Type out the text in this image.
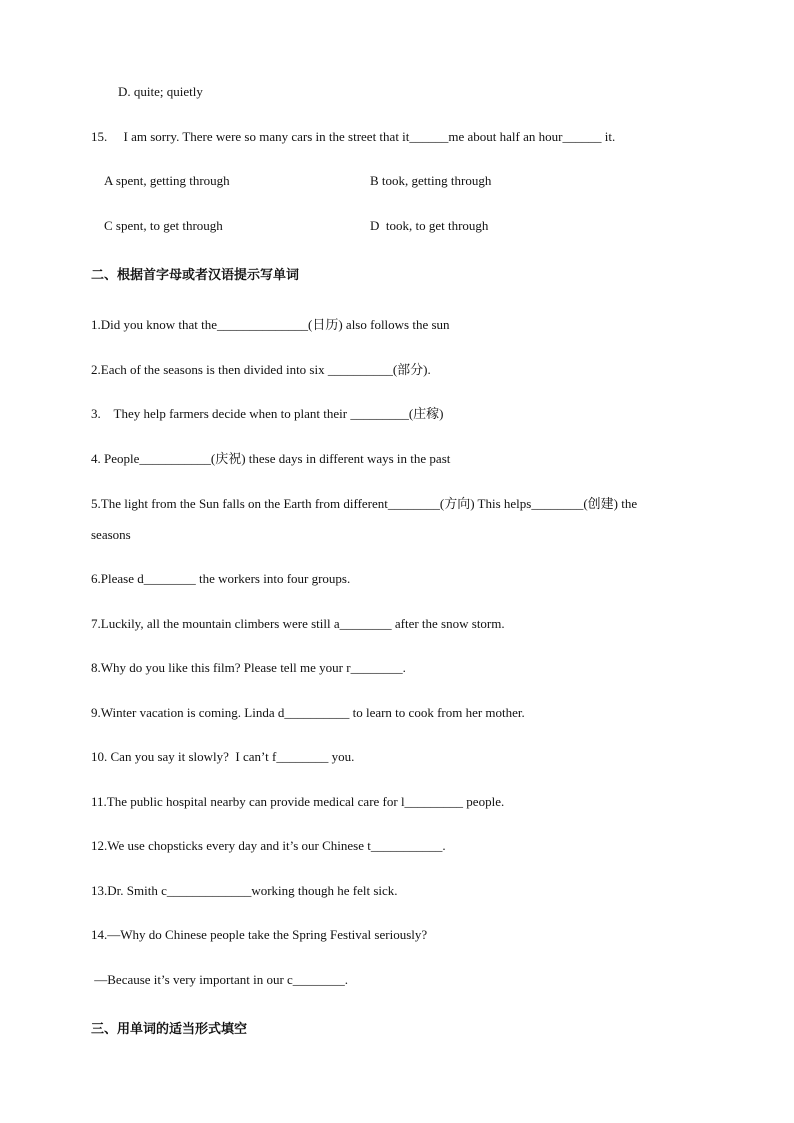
D. quite; quietly
15.     I am sorry. There were so many cars in the street that it______me about half an hour______ it.
A spent, getting through	B took, getting through
C spent, to get through	D  took, to get through
二、根据首字母或者汉语提示写单词
1.Did you know that the______________(日历) also follows the sun
2.Each of the seasons is then divided into six __________(部分).
3.    They help farmers decide when to plant their _________(庄稼)
4. People___________(庆祝) these days in different ways in the past
5.The light from the Sun falls on the Earth from different________(方向) This helps________(创建) the
seasons
6.Please d________ the workers into four groups.
7.Luckily, all the mountain climbers were still a________ after the snow storm.
8.Why do you like this film? Please tell me your r________.
9.Winter vacation is coming. Linda d__________ to learn to cook from her mother.
10. Can you say it slowly?  I can’t f________ you.
11.The public hospital nearby can provide medical care for l_________ people.
12.We use chopsticks every day and it’s our Chinese t___________.
13.Dr. Smith c_____________working though he felt sick.
14.—Why do Chinese people take the Spring Festival seriously?
—Because it’s very important in our c________.
三、用单词的适当形式填空
